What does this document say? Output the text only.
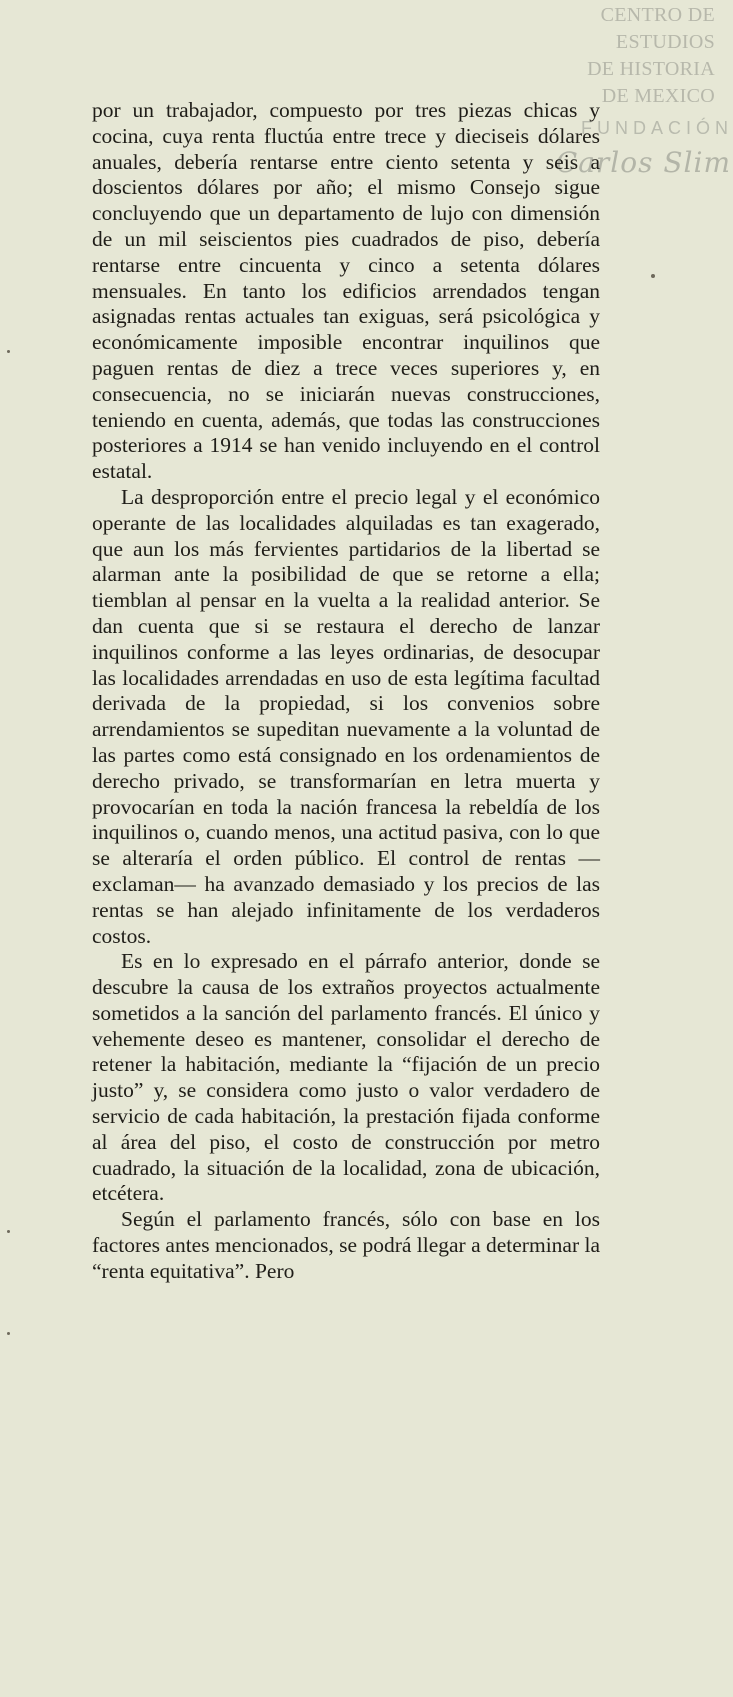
CENTRO DE
ESTUDIOS
DE HISTORIA
DE MEXICO
FUNDACIÓN
Carlos Slim

por un trabajador, compuesto por tres piezas chicas y cocina, cuya renta fluctúa entre trece y dieciseis dólares anuales, debería rentarse entre ciento setenta y seis a doscientos dólares por año; el mismo Consejo sigue concluyendo que un departamento de lujo con dimensión de un mil seiscientos pies cuadrados de piso, debería rentarse entre cincuenta y cinco a setenta dólares mensuales. En tanto los edificios arrendados tengan asignadas rentas actuales tan exiguas, será psicológica y económicamente imposible encontrar inquilinos que paguen rentas de diez a trece veces superiores y, en consecuencia, no se iniciarán nuevas construcciones, teniendo en cuenta, además, que todas las construcciones posteriores a 1914 se han venido incluyendo en el control estatal.

La desproporción entre el precio legal y el económico operante de las localidades alquiladas es tan exagerado, que aun los más fervientes partidarios de la libertad se alarman ante la posibilidad de que se retorne a ella; tiemblan al pensar en la vuelta a la realidad anterior. Se dan cuenta que si se restaura el derecho de lanzar inquilinos conforme a las leyes ordinarias, de desocupar las localidades arrendadas en uso de esta legítima facultad derivada de la propiedad, si los convenios sobre arrendamientos se supeditan nuevamente a la voluntad de las partes como está consignado en los ordenamientos de derecho privado, se transformarían en letra muerta y provocarían en toda la nación francesa la rebeldía de los inquilinos o, cuando menos, una actitud pasiva, con lo que se alteraría el orden público. El control de rentas —exclaman— ha avanzado demasiado y los precios de las rentas se han alejado infinitamente de los verdaderos costos.

Es en lo expresado en el párrafo anterior, donde se descubre la causa de los extraños proyectos actualmente sometidos a la sanción del parlamento francés. El único y vehemente deseo es mantener, consolidar el derecho de retener la habitación, mediante la “fijación de un precio justo” y, se considera como justo o valor verdadero de servicio de cada habitación, la prestación fijada conforme al área del piso, el costo de construcción por metro cuadrado, la situación de la localidad, zona de ubicación, etcétera.

Según el parlamento francés, sólo con base en los factores antes mencionados, se podrá llegar a determinar la “renta equitativa”. Pero
